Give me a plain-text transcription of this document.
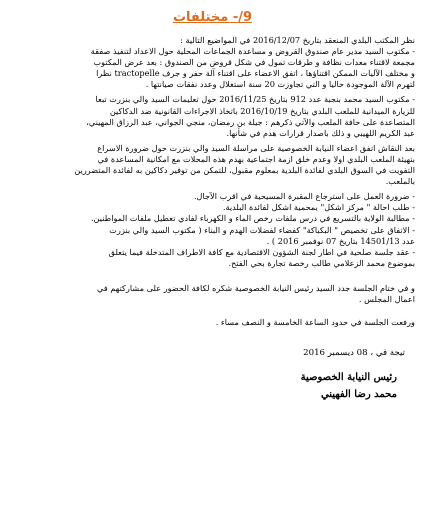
9/- مختلفات
نظر المكتب البلدي المنعقد بتاريخ 2016/12/07 في المواضيع التالية :
- مكتوب السيد مدير عام صندوق القروض و مساعدة الجماعات المحلية حول الاعداد لتنفيذ صفقة
مجمعة لاقتناء معدات نظافة و طرقات تمول في شكل قروض من الصندوق : بعد عرض المكتوب
و مختلف الآليات الممكن اقتناؤها ، اتفق الاعضاء على اقتناء آلة حفر و جرف tractopelle نظرا
لتهرم الآلة الموجودة حاليا و التي تجاوزت 20 سنة استغلال وعدد نفقات صيانتها .
- مكتوب السيد محمد بنجبة عدد 912 بتاريخ 2016/11/25 حول تعليمات السيد والي بنزرت تبعا
للزيارة الميدانية للملعب البلدي بتاريخ 2016/10/19 باتخاذ الاجراءات القانونية ضد الدكاكين
المتصاعدة على حافة الملعب والآتي ذكرهم : جيلة بن رمضان، منجي الجواني، عبد الرزاق المهيني،
عبد الكريم اللهيبي و ذلك باصدار قرارات هدم في شأنها.
بعد النقاش اتفق اعضاء النيابة الخصوصية على مراسلة السيد والي بنزرت حول ضرورة الاسراع
بتهيئة الملعب البلدي اولا وعدم خلق ازمة اجتماعية بهدم هذه المحلات مع امكانية المساعدة في
التفويت في السوق البلدي لفائدة البلدية بمعلوم مقبول، للتمكن من توفير دكاكين به لفائدة المتضررين
بالملعب.
- ضرورة العمل على استرجاع المقبرة المسيحية في اقرب الآجال.
- طلب احالة " مركز اشكل" بمحمية اشكل لفائدة البلدية.
- مطالبة الولاية بالتسريع في درس ملفات رخص الماء و الكهرباء لفادي تعطيل ملفات المواطنين.
- الاتفاق على تخصيص " البكباكة" كفضاء لفضلات الهدم و البناء ( مكتوب السيد والي بنزرت
عدد 14501/13 بتاريخ 07 نوفمبر 2016 ) .
- عقد جلسة صلحية في اطار لجنة الشؤون الاقتصادية مع كافة الاطراف المتدخلة فيما يتعلق
بموضوع محمد الزعلامي طالب رخصة تجارة بحي الفتح.
و في ختام الجلسة جدد السيد رئيس النيابة الخصوصية شكره لكافة الحضور على مشاركتهم في
اعمال المجلس .
ورفعت الجلسة في حدود الساعة الخامسة و النصف مساء .
تيجة في ، 08 ديسمبر 2016
رئيس النيابة الخصوصية
محمد رضا الفهيني
